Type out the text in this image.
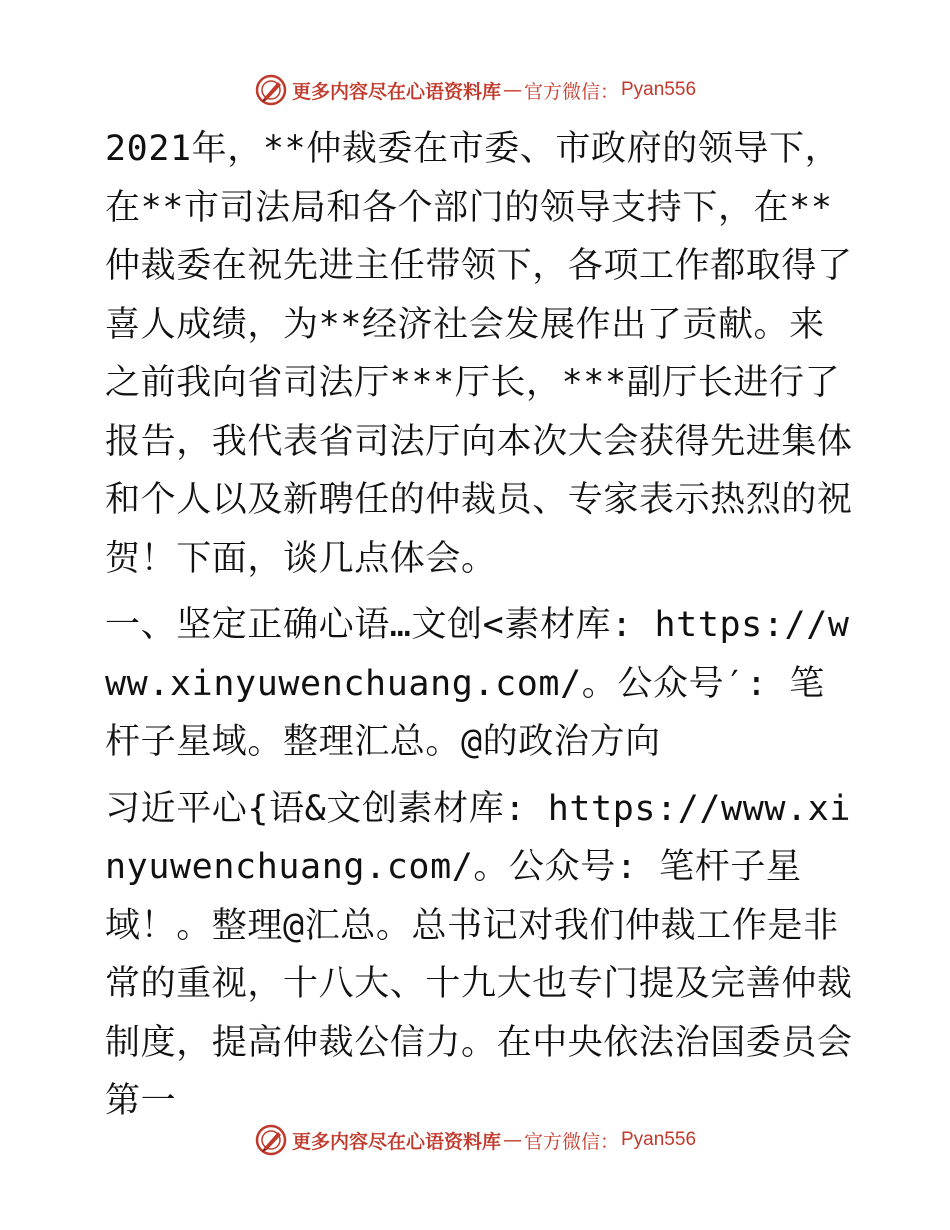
更多内容尽在心语资料库 — 官方微信： Pyan556

2021年，**仲裁委在市委、市政府的领导下，在**市司法局和各个部门的领导支持下，在**仲裁委在祝先进主任带领下，各项工作都取得了喜人成绩，为**经济社会发展作出了贡献。来之前我向省司法厅***厅长，***副厅长进行了报告，我代表省司法厅向本次大会获得先进集体和个人以及新聘任的仲裁员、专家表示热烈的祝贺！下面，谈几点体会。

一、坚定正确心语…文创<素材库: https://www.xinyuwenchuang.com/。公众号′: 笔杆子星域。整理汇总。@的政治方向

习近平心{语&文创素材库: https://www.xinyuwenchuang.com/。公众号: 笔杆子星域！。整理@汇总。总书记对我们仲裁工作是非常的重视，十八大、十九大也专门提及完善仲裁制度，提高仲裁公信力。在中央依法治国委员会第一

更多内容尽在心语资料库 — 官方微信： Pyan556
